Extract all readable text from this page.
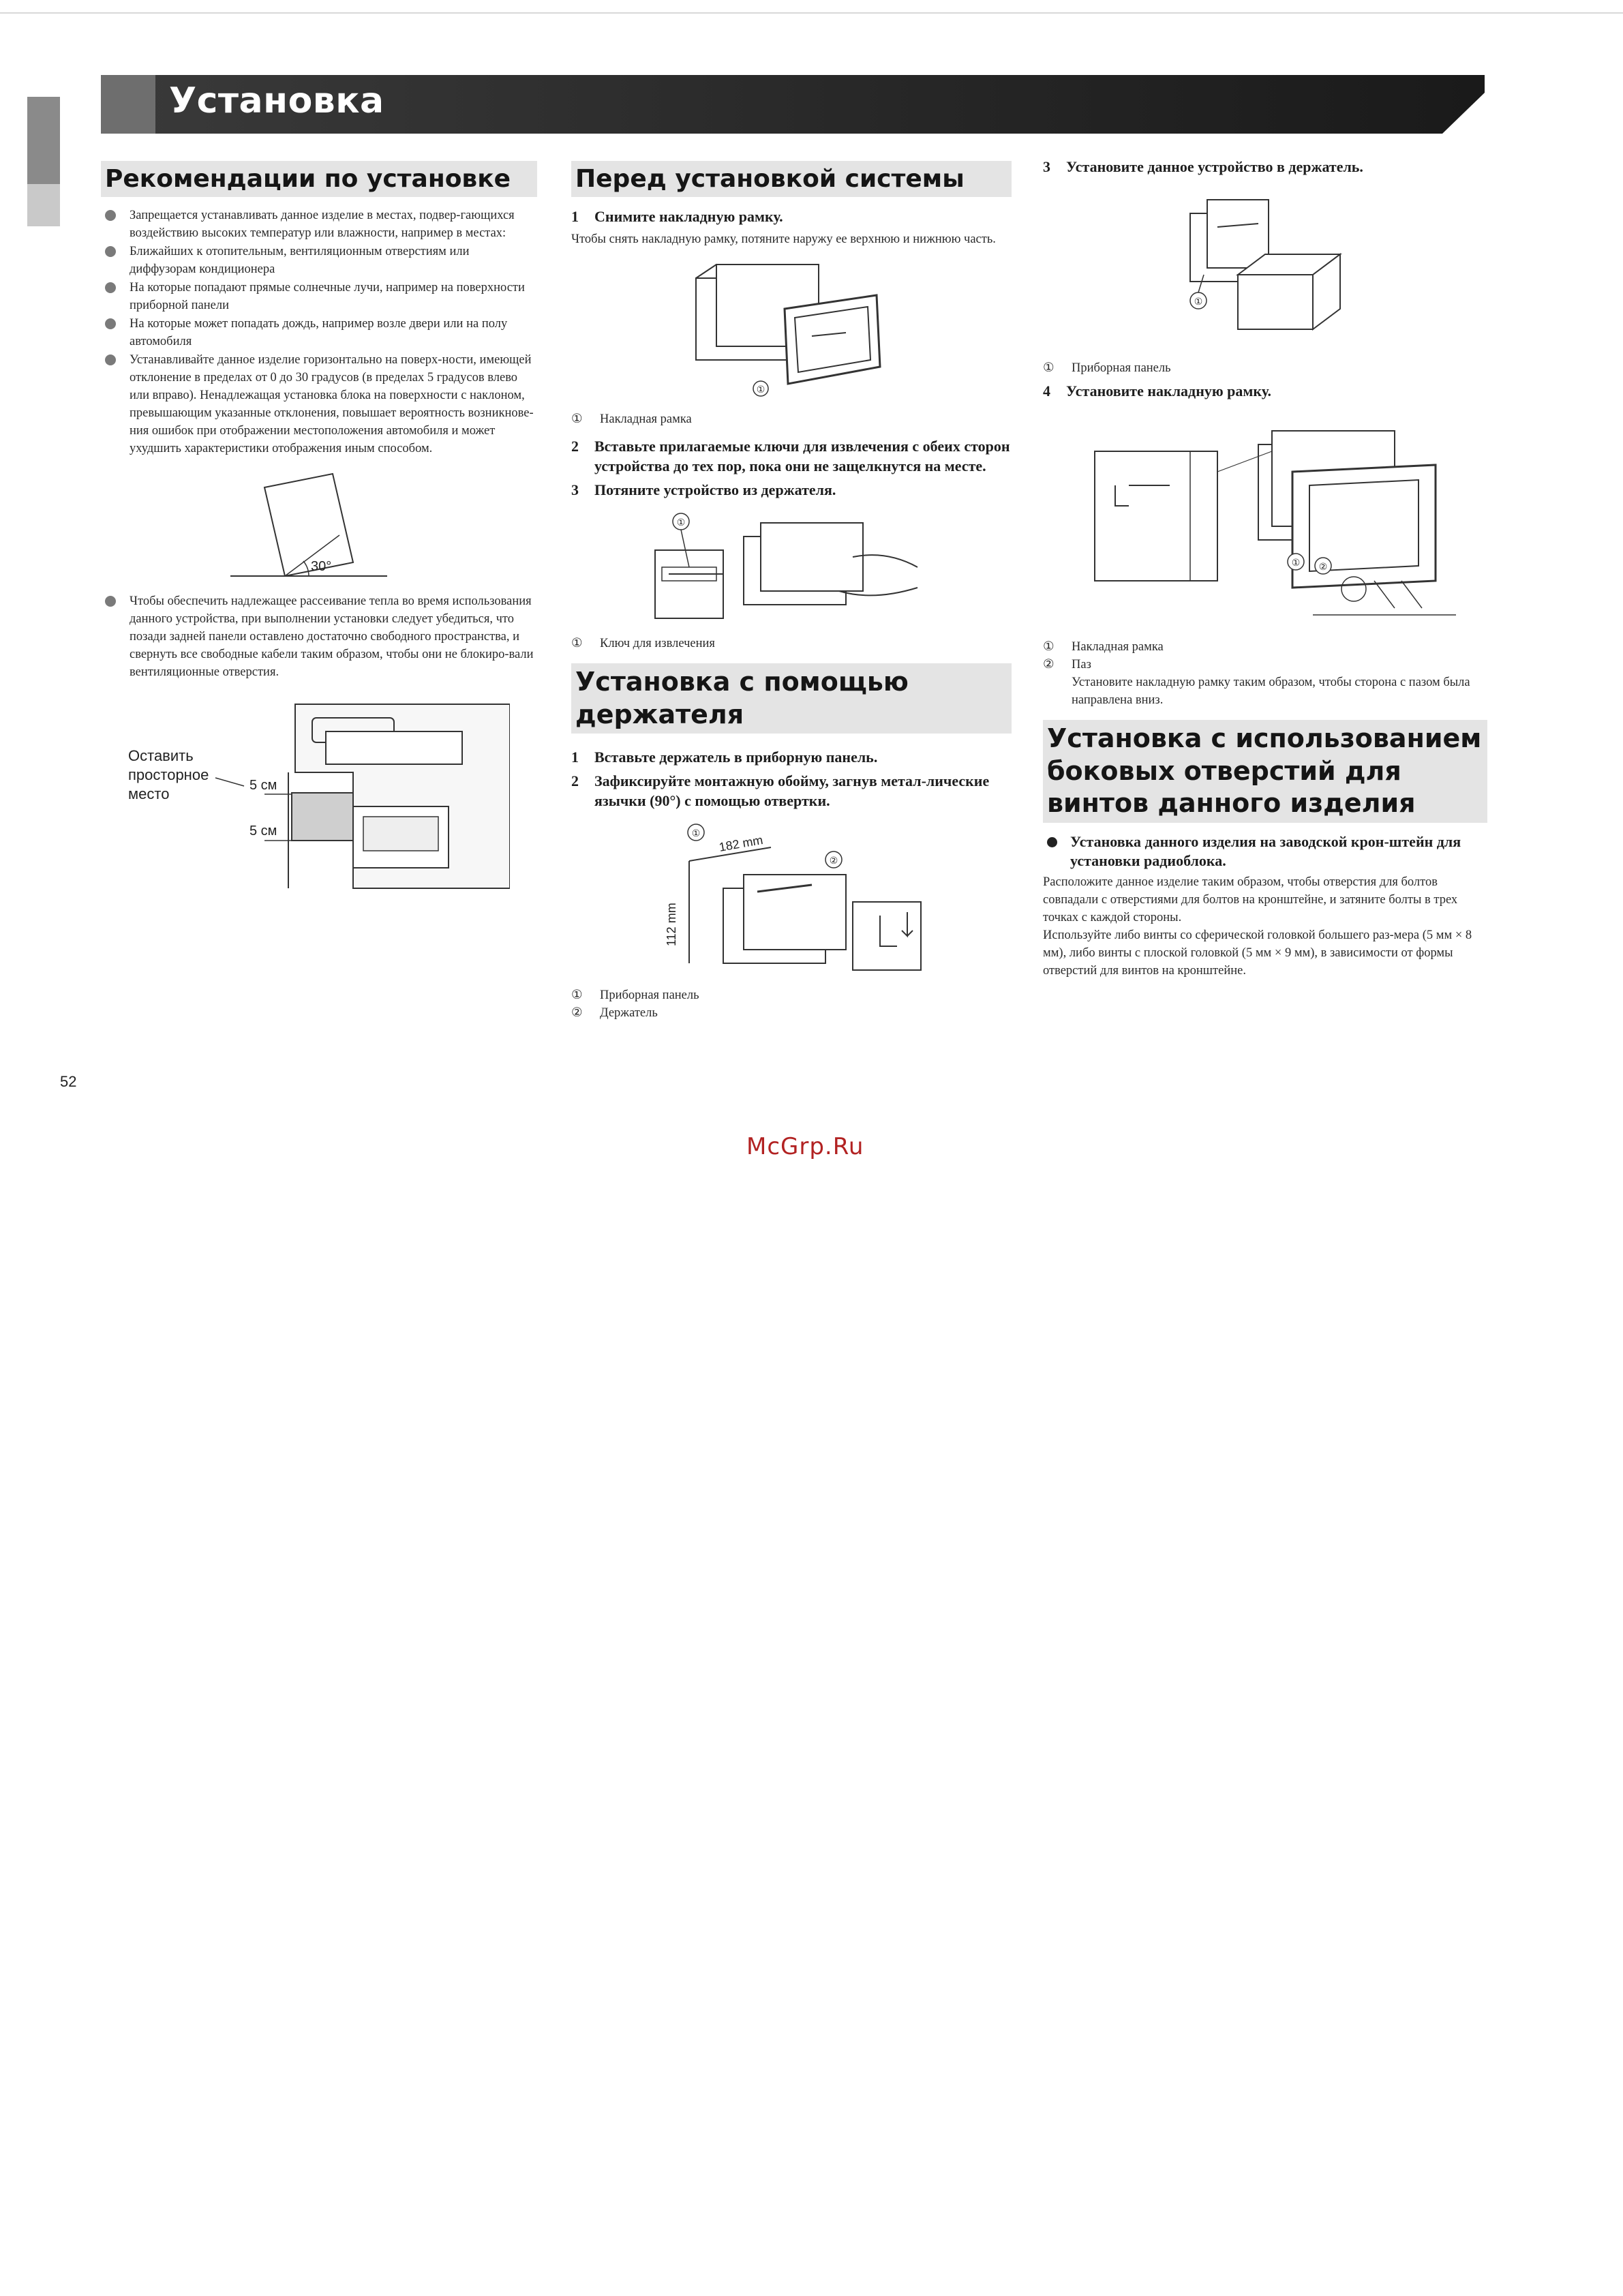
Установка
Рекомендации по установке
Запрещается устанавливать данное изделие в местах, подвер-гающихся воздействию высоких температур или влажности, например в местах:
Ближайших к отопительным, вентиляционным отверстиям или диффузорам кондиционера
На которые попадают прямые солнечные лучи, например на поверхности приборной панели
На которые может попадать дождь, например возле двери или на полу автомобиля
Устанавливайте данное изделие горизонтально на поверх-ности, имеющей отклонение в пределах от 0 до 30 градусов (в пределах 5 градусов влево или вправо). Ненадлежащая установка блока на поверхности с наклоном, превышающим указанные отклонения, повышает вероятность возникнове-ния ошибок при отображении местоположения автомобиля и может ухудшить характеристики отображения иным способом.
30°
Чтобы обеспечить надлежащее рассеивание тепла во время использования данного устройства, при выполнении установки следует убедиться, что позади задней панели оставлено достаточно свободного пространства, и свернуть все свободные кабели таким образом, чтобы они не блокиро-вали вентиляционные отверстия.
Оставить
просторное
место	5 см
5 см
Перед установкой системы
1 Снимите накладную рамку.
Чтобы снять накладную рамку, потяните наружу ее верхнюю и нижнюю часть.
①
① Накладная рамка
2 Вставьте прилагаемые ключи для извлечения с обеих сторон устройства до тех пор, пока они не защелкнутся на месте.
3 Потяните устройство из держателя.
①
① Ключ для извлечения
Установка с помощью держателя
1 Вставьте держатель в приборную панель.
2 Зафиксируйте монтажную обойму, загнув метал-лические язычки (90°) с помощью отвертки.
182 mm
112 mm
①
②
① Приборная панель
② Держатель
3 Установите данное устройство в держатель.
①
① Приборная панель
4 Установите накладную рамку.
① ②
① Накладная рамка
② Паз
Установите накладную рамку таким образом, чтобы сторона с пазом была направлена вниз.
Установка с использованием боковых отверстий для винтов данного изделия
Установка данного изделия на заводской крон-штейн для установки радиоблока.
Расположите данное изделие таким образом, чтобы отверстия для болтов совпадали с отверстиями для болтов на кронштейне, и затяните болты в трех точках с каждой стороны.
Используйте либо винты со сферической головкой большего раз-мера (5 мм × 8 мм), либо винты с плоской головкой (5 мм × 9 мм), в зависимости от формы отверстий для винтов на кронштейне.
52
McGrp.Ru
